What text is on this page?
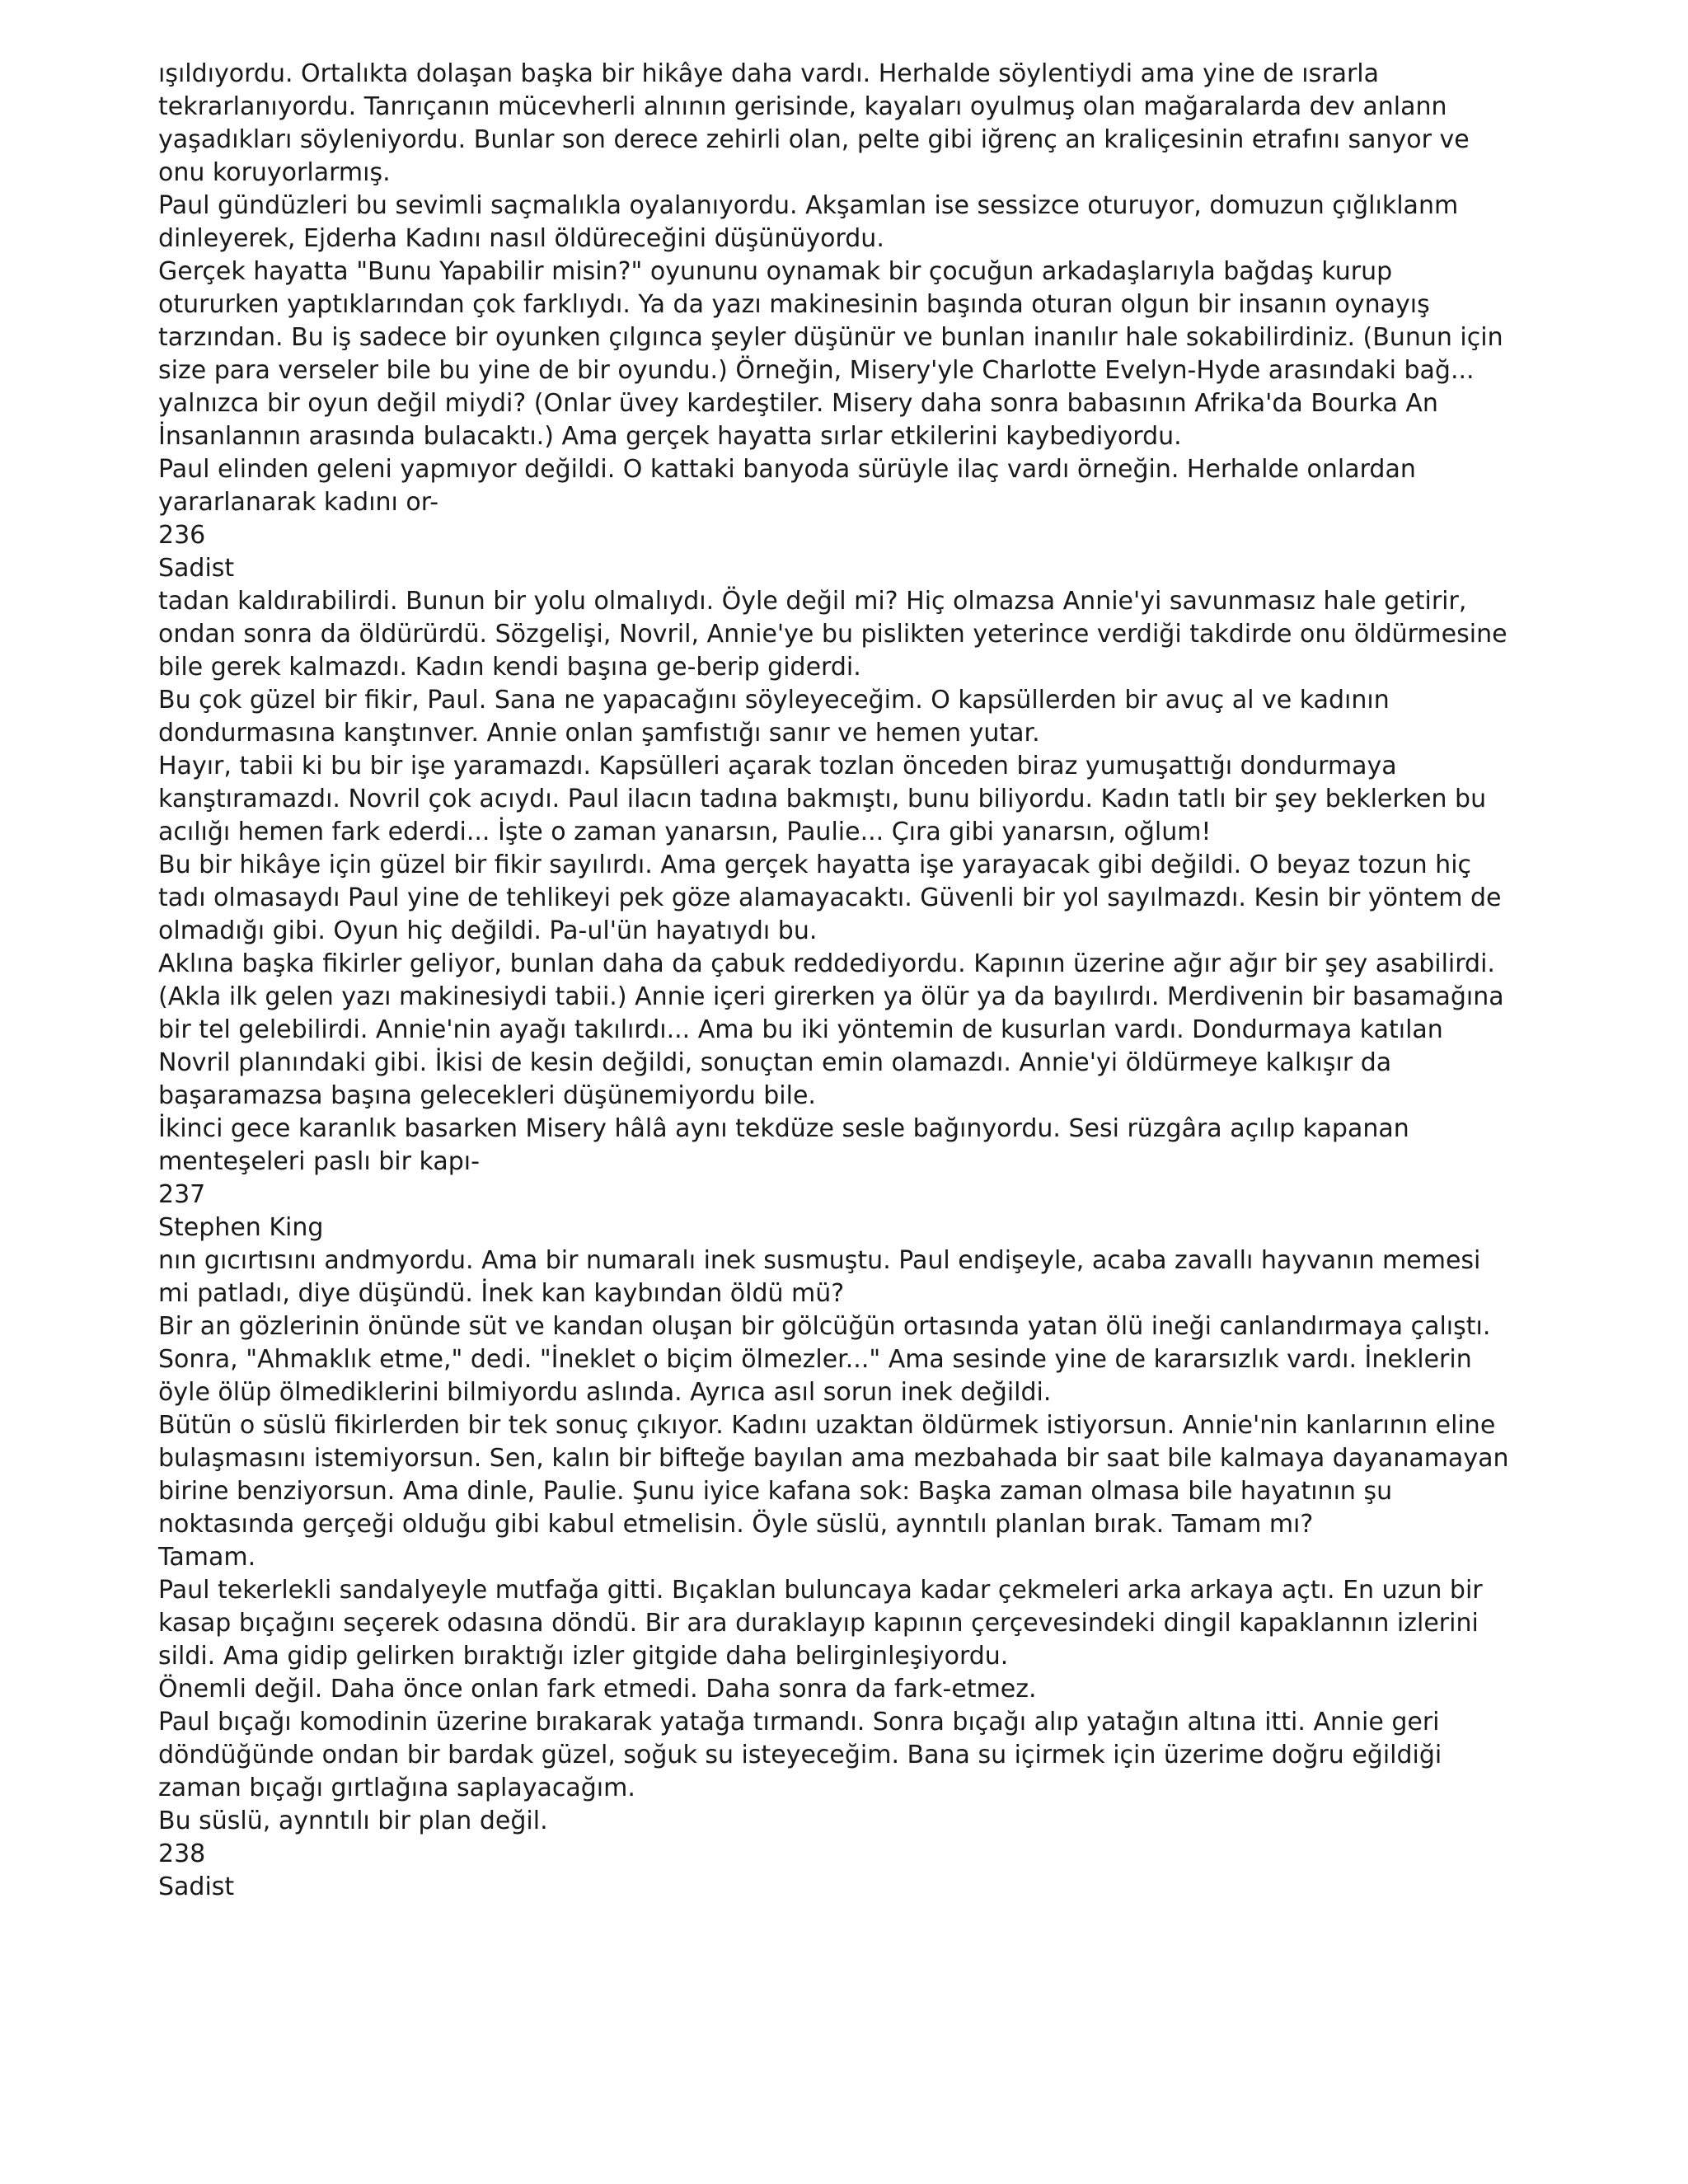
ışıldıyordu. Ortalıkta dolaşan başka bir hikâye daha vardı. Herhalde söylentiydi ama yine de ısrarla
tekrarlanıyordu. Tanrıçanın mücevherli alnının gerisinde, kayaları oyulmuş olan mağaralarda dev anlann
yaşadıkları söyleniyordu. Bunlar son derece zehirli olan, pelte gibi iğrenç an kraliçesinin etrafını sanyor ve
onu koruyorlarmış.
Paul gündüzleri bu sevimli saçmalıkla oyalanıyordu. Akşamlan ise sessizce oturuyor, domuzun çığlıklanm
dinleyerek, Ejderha Kadını nasıl öldüreceğini düşünüyordu.
Gerçek hayatta "Bunu Yapabilir misin?" oyununu oynamak bir çocuğun arkadaşlarıyla bağdaş kurup
otururken yaptıklarından çok farklıydı. Ya da yazı makinesinin başında oturan olgun bir insanın oynayış
tarzından. Bu iş sadece bir oyunken çılgınca şeyler düşünür ve bunlan inanılır hale sokabilirdiniz. (Bunun için
size para verseler bile bu yine de bir oyundu.) Örneğin, Misery'yle Charlotte Evelyn-Hyde arasındaki bağ...
yalnızca bir oyun değil miydi? (Onlar üvey kardeştiler. Misery daha sonra babasının Afrika'da Bourka An
İnsanlannın arasında bulacaktı.) Ama gerçek hayatta sırlar etkilerini kaybediyordu.
Paul elinden geleni yapmıyor değildi. O kattaki banyoda sürüyle ilaç vardı örneğin. Herhalde onlardan
yararlanarak kadını or-
236
Sadist
tadan kaldırabilirdi. Bunun bir yolu olmalıydı. Öyle değil mi? Hiç olmazsa Annie'yi savunmasız hale getirir,
ondan sonra da öldürürdü. Sözgelişi, Novril, Annie'ye bu pislikten yeterince verdiği takdirde onu öldürmesine
bile gerek kalmazdı. Kadın kendi başına ge-berip giderdi.
Bu çok güzel bir fikir, Paul. Sana ne yapacağını söyleyeceğim. O kapsüllerden bir avuç al ve kadının
dondurmasına kanştınver. Annie onlan şamfıstığı sanır ve hemen yutar.
Hayır, tabii ki bu bir işe yaramazdı. Kapsülleri açarak tozlan önceden biraz yumuşattığı dondurmaya
kanştıramazdı. Novril çok acıydı. Paul ilacın tadına bakmıştı, bunu biliyordu. Kadın tatlı bir şey beklerken bu
acılığı hemen fark ederdi... İşte o zaman yanarsın, Paulie... Çıra gibi yanarsın, oğlum!
Bu bir hikâye için güzel bir fikir sayılırdı. Ama gerçek hayatta işe yarayacak gibi değildi. O beyaz tozun hiç
tadı olmasaydı Paul yine de tehlikeyi pek göze alamayacaktı. Güvenli bir yol sayılmazdı. Kesin bir yöntem de
olmadığı gibi. Oyun hiç değildi. Pa-ul'ün hayatıydı bu.
Aklına başka fikirler geliyor, bunlan daha da çabuk reddediyordu. Kapının üzerine ağır ağır bir şey asabilirdi.
(Akla ilk gelen yazı makinesiydi tabii.) Annie içeri girerken ya ölür ya da bayılırdı. Merdivenin bir basamağına
bir tel gelebilirdi. Annie'nin ayağı takılırdı... Ama bu iki yöntemin de kusurlan vardı. Dondurmaya katılan
Novril planındaki gibi. İkisi de kesin değildi, sonuçtan emin olamazdı. Annie'yi öldürmeye kalkışır da
başaramazsa başına gelecekleri düşünemiyordu bile.
İkinci gece karanlık basarken Misery hâlâ aynı tekdüze sesle bağınyordu. Sesi rüzgâra açılıp kapanan
menteşeleri paslı bir kapı-
237
Stephen King
nın gıcırtısını andmyordu. Ama bir numaralı inek susmuştu. Paul endişeyle, acaba zavallı hayvanın memesi
mi patladı, diye düşündü. İnek kan kaybından öldü mü?
Bir an gözlerinin önünde süt ve kandan oluşan bir gölcüğün ortasında yatan ölü ineği canlandırmaya çalıştı.
Sonra, "Ahmaklık etme," dedi. "İneklet o biçim ölmezler..." Ama sesinde yine de kararsızlık vardı. İneklerin
öyle ölüp ölmediklerini bilmiyordu aslında. Ayrıca asıl sorun inek değildi.
Bütün o süslü fikirlerden bir tek sonuç çıkıyor. Kadını uzaktan öldürmek istiyorsun. Annie'nin kanlarının eline
bulaşmasını istemiyorsun. Sen, kalın bir bifteğe bayılan ama mezbahada bir saat bile kalmaya dayanamayan
birine benziyorsun. Ama dinle, Paulie. Şunu iyice kafana sok: Başka zaman olmasa bile hayatının şu
noktasında gerçeği olduğu gibi kabul etmelisin. Öyle süslü, aynntılı planlan bırak. Tamam mı?
Tamam.
Paul tekerlekli sandalyeyle mutfağa gitti. Bıçaklan buluncaya kadar çekmeleri arka arkaya açtı. En uzun bir
kasap bıçağını seçerek odasına döndü. Bir ara duraklayıp kapının çerçevesindeki dingil kapaklannın izlerini
sildi. Ama gidip gelirken bıraktığı izler gitgide daha belirginleşiyordu.
Önemli değil. Daha önce onlan fark etmedi. Daha sonra da fark-etmez.
Paul bıçağı komodinin üzerine bırakarak yatağa tırmandı. Sonra bıçağı alıp yatağın altına itti. Annie geri
döndüğünde ondan bir bardak güzel, soğuk su isteyeceğim. Bana su içirmek için üzerime doğru eğildiği
zaman bıçağı gırtlağına saplayacağım.
Bu süslü, aynntılı bir plan değil.
238
Sadist
